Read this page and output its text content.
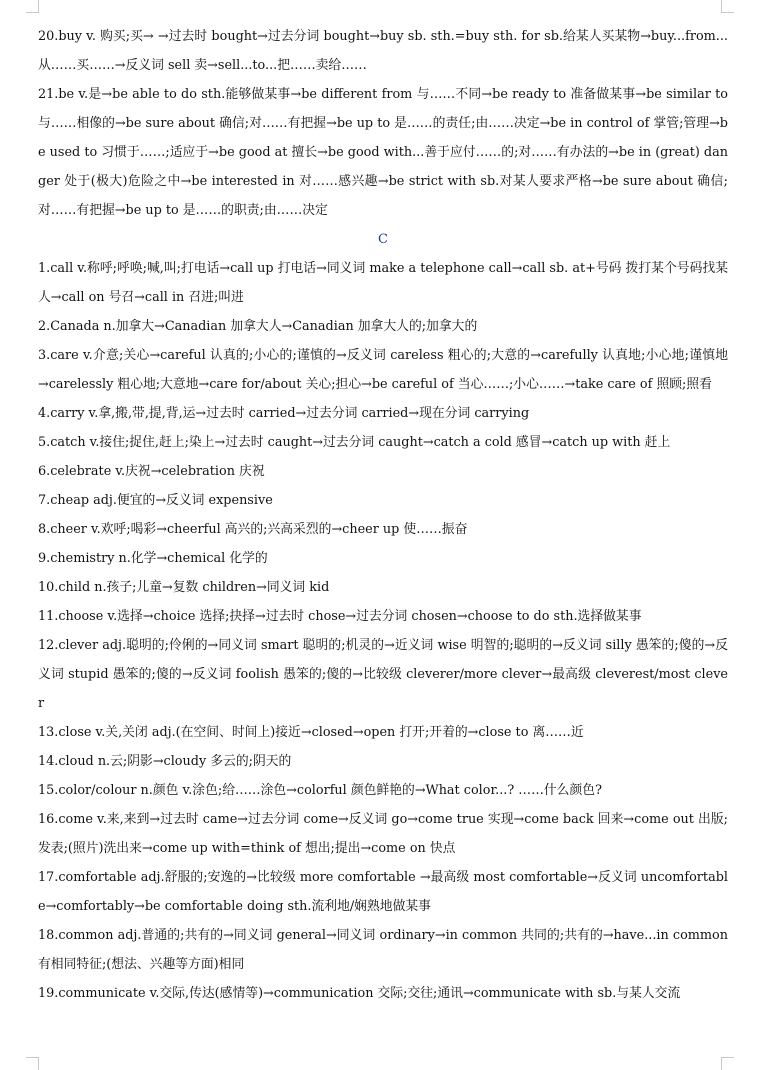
20.buy v. 购买;买→ →过去时 bought→过去分词 bought→buy sb. sth.=buy sth. for sb.给某人买某物→buy...from...从……买……→反义词 sell 卖→sell...to...把……卖给……

21.be v.是→be able to do sth.能够做某事→be different from 与……不同→be ready to 准备做某事→be similar to 与……相像的→be sure about 确信;对……有把握→be up to 是……的责任;由……决定→be in control of 掌管;管理→be used to 习惯于……;适应于→be good at 擅长→be good with...善于应付……的;对……有办法的→be in (great) danger 处于(极大)危险之中→be interested in 对……感兴趣→be strict with sb.对某人要求严格→be sure about 确信;对……有把握→be up to 是……的职责;由……决定

C

1.call v.称呼;呼唤;喊,叫;打电话→call up 打电话→同义词 make a telephone call→call sb. at+号码 拨打某个号码找某人→call on 号召→call in 召进;叫进

2.Canada n.加拿大→Canadian 加拿大人→Canadian 加拿大人的;加拿大的

3.care v.介意;关心→careful 认真的;小心的;谨慎的→反义词 careless 粗心的;大意的→carefully 认真地;小心地;谨慎地→carelessly 粗心地;大意地→care for/about 关心;担心→be careful of 当心……;小心……→take care of 照顾;照看

4.carry v.拿,搬,带,提,背,运→过去时 carried→过去分词 carried→现在分词 carrying

5.catch v.接住;捉住,赶上;染上→过去时 caught→过去分词 caught→catch a cold 感冒→catch up with 赶上

6.celebrate v.庆祝→celebration 庆祝

7.cheap adj.便宜的→反义词 expensive

8.cheer v.欢呼;喝彩→cheerful 高兴的;兴高采烈的→cheer up 使……振奋

9.chemistry n.化学→chemical 化学的

10.child n.孩子;儿童→复数 children→同义词 kid

11.choose v.选择→choice 选择;抉择→过去时 chose→过去分词 chosen→choose to do sth.选择做某事

12.clever adj.聪明的;伶俐的→同义词 smart 聪明的;机灵的→近义词 wise 明智的;聪明的→反义词 silly 愚笨的;傻的→反义词 stupid 愚笨的;傻的→反义词 foolish 愚笨的;傻的→比较级 cleverer/more clever→最高级 cleverest/most clever

13.close v.关,关闭 adj.(在空间、时间上)接近→closed→open 打开;开着的→close to 离……近

14.cloud n.云;阴影→cloudy 多云的;阴天的

15.color/colour n.颜色 v.涂色;给……涂色→colorful 颜色鲜艳的→What color...? ……什么颜色?

16.come v.来,来到→过去时 came→过去分词 come→反义词 go→come true 实现→come back 回来→come out 出版;发表;(照片)洗出来→come up with=think of 想出;提出→come on 快点

17.comfortable adj.舒服的;安逸的→比较级 more comfortable →最高级 most comfortable→反义词 uncomfortable→comfortably→be comfortable doing sth.流利地/娴熟地做某事

18.common adj.普通的;共有的→同义词 general→同义词 ordinary→in common 共同的;共有的→have...in common 有相同特征;(想法、兴趣等方面)相同

19.communicate v.交际,传达(感情等)→communication 交际;交往;通讯→communicate with sb.与某人交流
